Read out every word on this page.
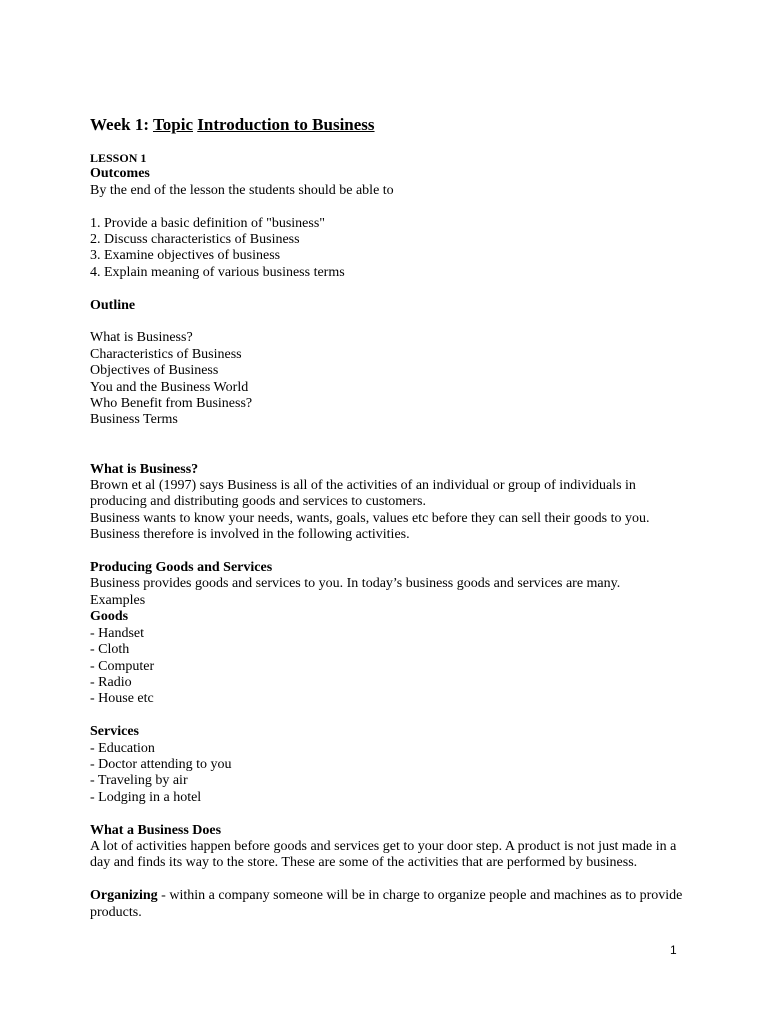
Week 1: Topic Introduction to Business
LESSON 1
Outcomes
By the end of the lesson the students should be able to
1. Provide a basic definition of "business"
2. Discuss characteristics of Business
3. Examine objectives of business
4. Explain meaning of various business terms
Outline
What is Business?
Characteristics of Business
Objectives of Business
You and the Business World
Who Benefit from Business?
Business Terms
What is Business?
Brown et al (1997) says Business is all of the activities of an individual or group of individuals in
producing and distributing goods and services to customers.
Business wants to know your needs, wants, goals, values etc before they can sell their goods to you.
Business therefore is involved in the following activities.
Producing Goods and Services
Business provides goods and services to you. In today’s business goods and services are many.
Examples
Goods
- Handset
- Cloth
- Computer
- Radio
- House etc
Services
- Education
- Doctor attending to you
- Traveling by air
- Lodging in a hotel
What a Business Does
A lot of activities happen before goods and services get to your door step. A product is not just made in a
day and finds its way to the store. These are some of the activities that are performed by business.
Organizing - within a company someone will be in charge to organize people and machines as to provide
products.
1
